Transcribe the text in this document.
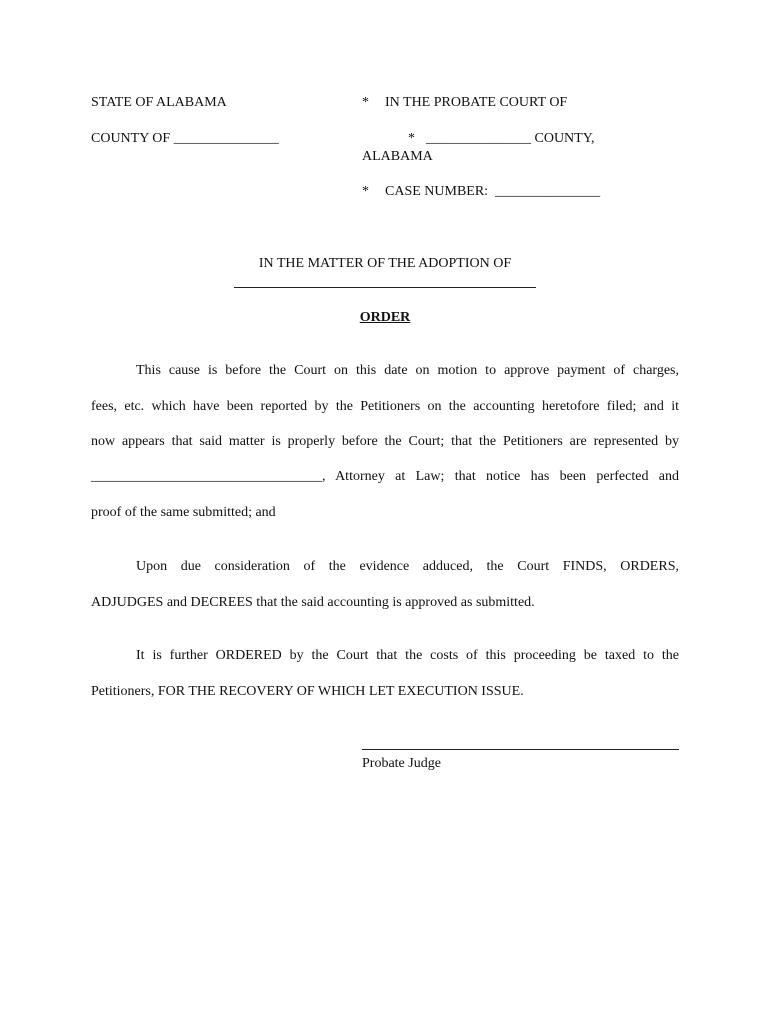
STATE OF ALABAMA
COUNTY OF _______________
* IN THE PROBATE COURT OF
* _______________ COUNTY,
ALABAMA
* CASE NUMBER:  _______________
IN THE MATTER OF THE ADOPTION OF
ORDER
This cause is before the Court on this date on motion to approve payment of charges,
fees, etc. which have been reported by the Petitioners on the accounting heretofore filed; and it
now appears that said matter is properly before the Court; that the Petitioners are represented by
_________________________________, Attorney at Law; that notice has been perfected and
proof of the same submitted; and
Upon due consideration of the evidence adduced, the Court FINDS, ORDERS,
ADJUDGES and DECREES that the said accounting is approved as submitted.
It is further ORDERED by the Court that the costs of this proceeding be taxed to the
Petitioners, FOR THE RECOVERY OF WHICH LET EXECUTION ISSUE.
Probate Judge
